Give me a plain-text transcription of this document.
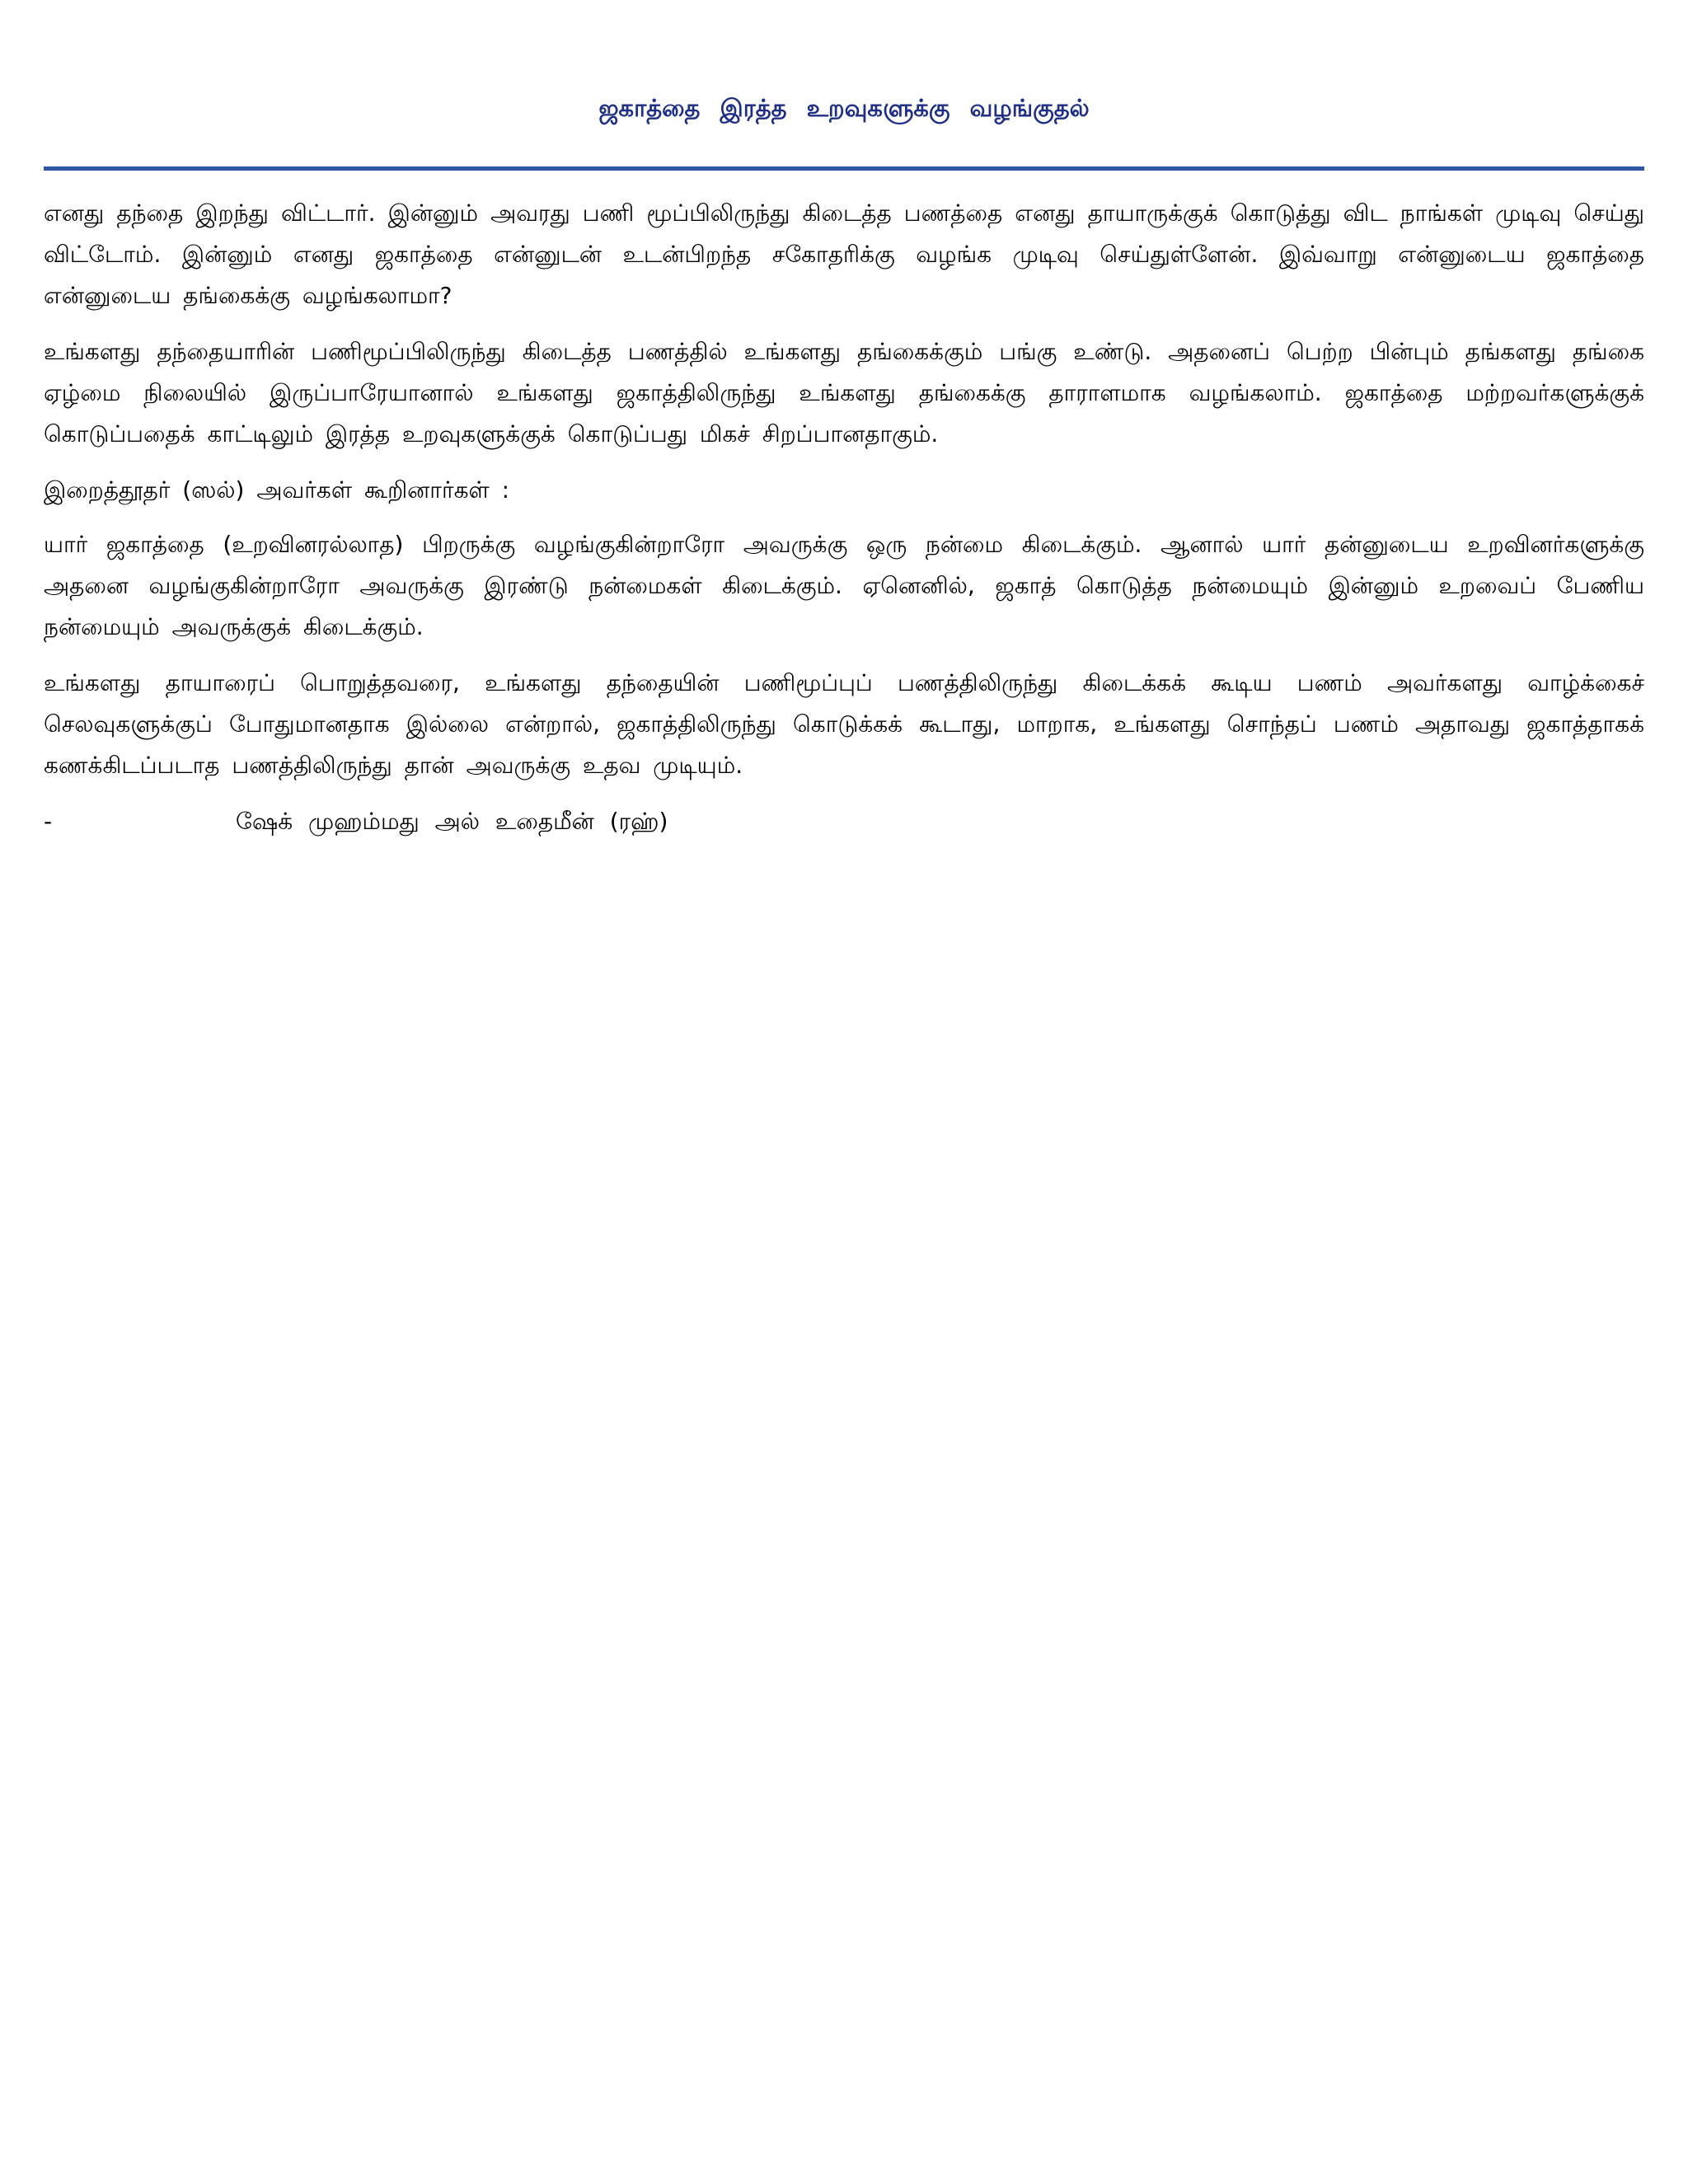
ஜகாத்தை இரத்த உறவுகளுக்கு வழங்குதல்

எனது தந்தை இறந்து விட்டார். இன்னும் அவரது பணி மூப்பிலிருந்து கிடைத்த பணத்தை எனது தாயாருக்குக் கொடுத்து விட நாங்கள் முடிவு செய்து விட்டோம். இன்னும் எனது ஜகாத்தை என்னுடன் உடன்பிறந்த சகோதரிக்கு வழங்க முடிவு செய்துள்ளேன். இவ்வாறு என்னுடைய ஜகாத்தை என்னுடைய தங்கைக்கு வழங்கலாமா?

உங்களது தந்தையாரின் பணிமூப்பிலிருந்து கிடைத்த பணத்தில் உங்களது தங்கைக்கும் பங்கு உண்டு. அதனைப் பெற்ற பின்பும் தங்களது தங்கை ஏழ்மை நிலையில் இருப்பாரேயானால் உங்களது ஜகாத்திலிருந்து உங்களது தங்கைக்கு தாராளமாக வழங்கலாம். ஜகாத்தை மற்றவர்களுக்குக் கொடுப்பதைக் காட்டிலும் இரத்த உறவுகளுக்குக் கொடுப்பது மிகச் சிறப்பானதாகும்.

இறைத்தூதர் (ஸல்) அவர்கள் கூறினார்கள் :

யார் ஜகாத்தை (உறவினரல்லாத) பிறருக்கு வழங்குகின்றாரோ அவருக்கு ஒரு நன்மை கிடைக்கும். ஆனால் யார் தன்னுடைய உறவினர்களுக்கு அதனை வழங்குகின்றாரோ அவருக்கு இரண்டு நன்மைகள் கிடைக்கும். ஏனெனில், ஜகாத் கொடுத்த நன்மையும் இன்னும் உறவைப் பேணிய நன்மையும் அவருக்குக் கிடைக்கும்.

உங்களது தாயாரைப் பொறுத்தவரை, உங்களது தந்தையின் பணிமூப்புப் பணத்திலிருந்து கிடைக்கக் கூடிய பணம் அவர்களது வாழ்க்கைச் செலவுகளுக்குப் போதுமானதாக இல்லை என்றால், ஜகாத்திலிருந்து கொடுக்கக் கூடாது, மாறாக, உங்களது சொந்தப் பணம் அதாவது ஜகாத்தாகக் கணக்கிடப்படாத பணத்திலிருந்து தான் அவருக்கு உதவ முடியும்.

-	ஷேக் முஹம்மது அல் உதைமீன் (ரஹ்)
